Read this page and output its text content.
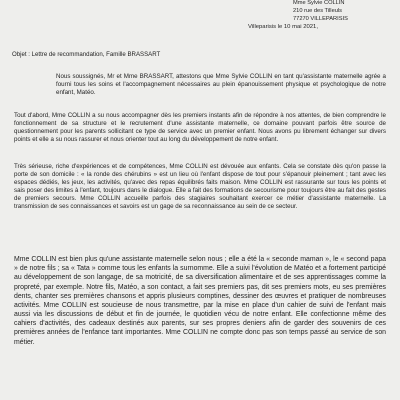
Mme Sylvie COLLIN
210 rue des Tilleuls
77270 VILLEPARISIS
Villeparisis le 10 mai 2021,
Objet : Lettre de recommandation, Famille BRASSART

Nous soussignés, Mr et Mme BRASSART, attestons que Mme Sylvie COLLIN en tant qu'assistante maternelle agrée a fourni tous les soins et l'accompagnement nécessaires au plein épanouissement physique et psychologique de notre enfant, Matéo.

Tout d'abord, Mme COLLIN a su nous accompagner dès les premiers instants afin de répondre à nos attentes, de bien comprendre le fonctionnement de sa structure et le recrutement d'une assistante maternelle, ce domaine pouvant parfois être source de questionnement pour les parents sollicitant ce type de service avec un premier enfant. Nous avons pu librement échanger sur divers points et elle a su nous rassurer et nous orienter tout au long du développement de notre enfant.

Très sérieuse, riche d'expériences et de compétences, Mme COLLIN est dévouée aux enfants. Cela se constate dès qu'on passe la porte de son domicile : « la ronde des chérubins » est un lieu où l'enfant dispose de tout pour s'épanouir pleinement ; tant avec les espaces dédiés, les jeux, les activités, qu'avec des repas équilibrés faits maison. Mme COLLIN est rassurante sur tous les points et sais poser des limites à l'enfant, toujours dans le dialogue. Elle a fait des formations de secourisme pour toujours être au fait des gestes de premiers secours. Mme COLLIN accueille parfois des stagiaires souhaitant exercer ce métier d'assistante maternelle. La transmission de ses connaissances et savoirs est un gage de sa reconnaissance au sein de ce secteur.

Mme COLLIN est bien plus qu'une assistante maternelle selon nous ; elle a été la « seconde maman », le « second papa » de notre fils ; sa « Tata » comme tous les enfants la surnomme. Elle a suivi l'évolution de Matéo et a fortement participé au développement de son langage, de sa motricité, de sa diversification alimentaire et de ses apprentissages comme la propreté, par exemple. Notre fils, Matéo, a son contact, a fait ses premiers pas, dit ses premiers mots, eu ses premières dents, chanter ses premières chansons et appris plusieurs comptines, dessiner des œuvres et pratiquer de nombreuses activités. Mme COLLIN est soucieuse de nous transmettre, par la mise en place d'un cahier de suivi de l'enfant mais aussi via les discussions de début et fin de journée, le quotidien vécu de notre enfant. Elle confectionne même des cahiers d'activités, des cadeaux destinés aux parents, sur ses propres deniers afin de garder des souvenirs de ces premières années de l'enfance tant importantes. Mme COLLIN ne compte donc pas son temps passé au service de son métier.
